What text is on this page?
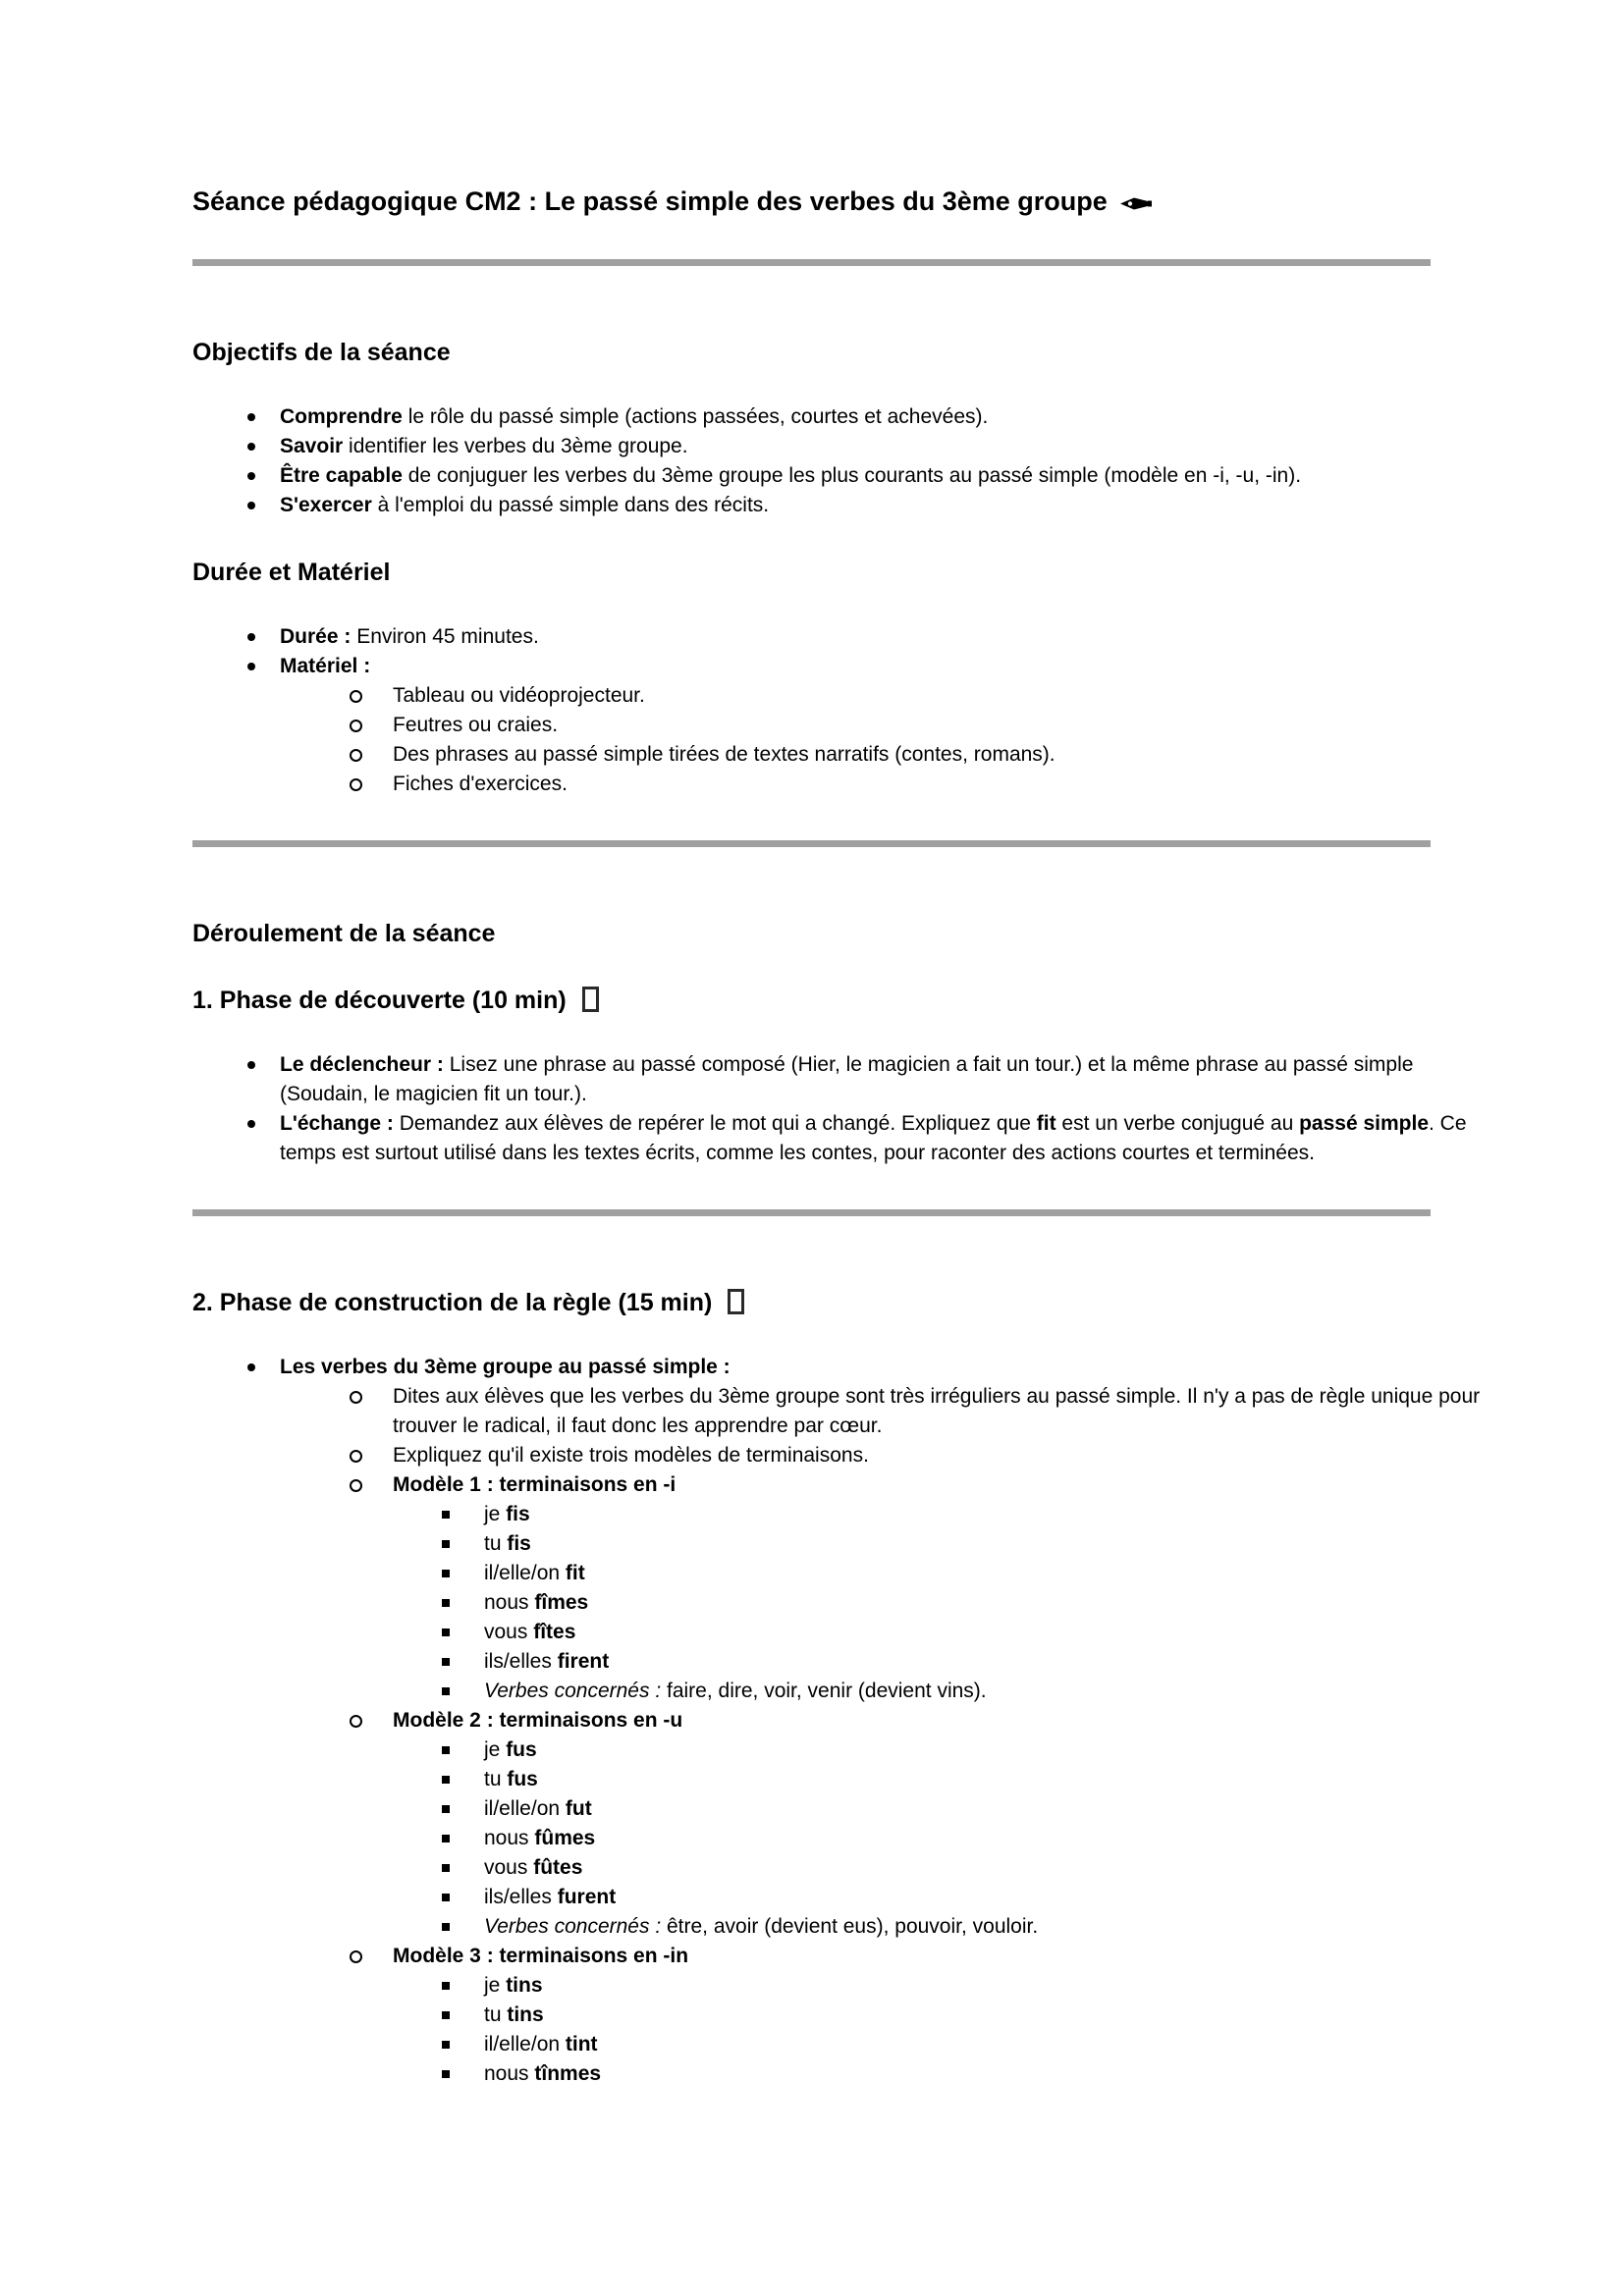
Séance pédagogique CM2 : Le passé simple des verbes du 3ème groupe
Objectifs de la séance
Comprendre le rôle du passé simple (actions passées, courtes et achevées).
Savoir identifier les verbes du 3ème groupe.
Être capable de conjuguer les verbes du 3ème groupe les plus courants au passé simple (modèle en -i, -u, -in).
S'exercer à l'emploi du passé simple dans des récits.
Durée et Matériel
Durée : Environ 45 minutes.
Matériel :
Tableau ou vidéoprojecteur.
Feutres ou craies.
Des phrases au passé simple tirées de textes narratifs (contes, romans).
Fiches d'exercices.
Déroulement de la séance
1. Phase de découverte (10 min)
Le déclencheur : Lisez une phrase au passé composé (Hier, le magicien a fait un tour.) et la même phrase au passé simple (Soudain, le magicien fit un tour.).
L'échange : Demandez aux élèves de repérer le mot qui a changé. Expliquez que fit est un verbe conjugué au passé simple. Ce temps est surtout utilisé dans les textes écrits, comme les contes, pour raconter des actions courtes et terminées.
2. Phase de construction de la règle (15 min)
Les verbes du 3ème groupe au passé simple :
Dites aux élèves que les verbes du 3ème groupe sont très irréguliers au passé simple. Il n'y a pas de règle unique pour trouver le radical, il faut donc les apprendre par cœur.
Expliquez qu'il existe trois modèles de terminaisons.
Modèle 1 : terminaisons en -i
je fis
tu fis
il/elle/on fit
nous fîmes
vous fîtes
ils/elles firent
Verbes concernés : faire, dire, voir, venir (devient vins).
Modèle 2 : terminaisons en -u
je fus
tu fus
il/elle/on fut
nous fûmes
vous fûtes
ils/elles furent
Verbes concernés : être, avoir (devient eus), pouvoir, vouloir.
Modèle 3 : terminaisons en -in
je tins
tu tins
il/elle/on tint
nous tînmes
